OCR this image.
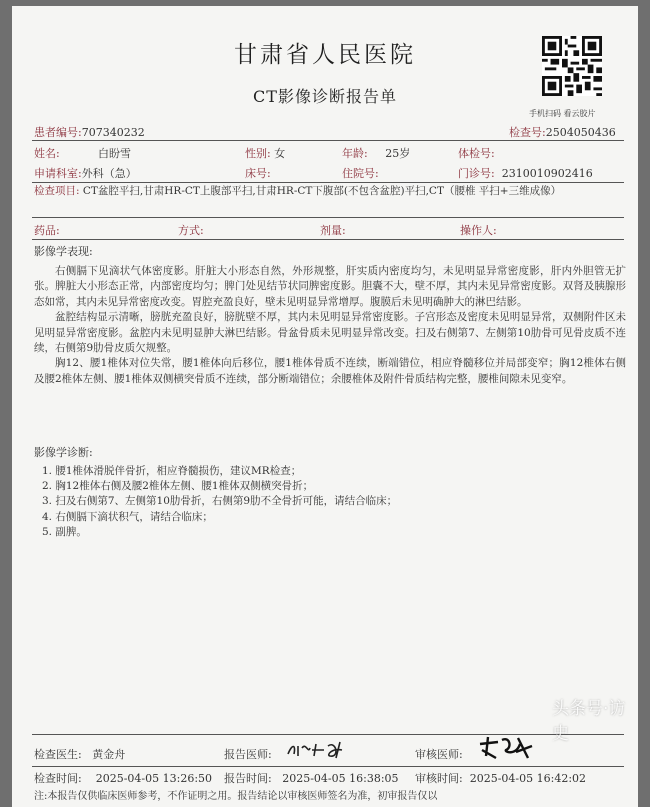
甘肃省人民医院
CT影像诊断报告单
手机扫码 看云胶片
患者编号:707340232	检查号:2504050436
姓名:	白盼雪	性别: 女	年龄: 25岁	体检号:
申请科室:外科（急）	床号:	住院号:	门诊号: 2310010902416
检查项目: CT盆腔平扫,甘肃HR-CT上腹部平扫,甘肃HR-CT下腹部(不包含盆腔)平扫,CT（腰椎 平扫+三维成像）
药品:	方式:	剂量:	操作人:
影像学表现:

右侧膈下见滴状气体密度影。肝脏大小形态自然，外形规整，肝实质内密度均匀，未见明显异常密度影，肝内外胆管无扩张。脾脏大小形态正常，内部密度均匀；脾门处见结节状同脾密度影。胆囊不大，壁不厚，其内未见异常密度影。双肾及胰腺形态如常，其内未见异常密度改变。胃腔充盈良好，壁未见明显异常增厚。腹膜后未见明确肿大的淋巴结影。

盆腔结构显示清晰，膀胱充盈良好，膀胱壁不厚，其内未见明显异常密度影。子宫形态及密度未见明显异常，双侧附件区未见明显异常密度影。盆腔内未见明显肿大淋巴结影。骨盆骨质未见明显异常改变。扫及右侧第7、左侧第10肋骨可见骨皮质不连续，右侧第9肋骨皮质欠规整。

胸12、腰1椎体对位失常，腰1椎体向后移位，腰1椎体骨质不连续，断端错位，相应脊髓移位并局部变窄；胸12椎体右侧及腰2椎体左侧、腰1椎体双侧横突骨质不连续，部分断端错位；余腰椎体及附件骨质结构完整，腰椎间隙未见变窄。

影像学诊断:
1. 腰1椎体滑脱伴骨折，相应脊髓损伤，建议MR检查；
2. 胸12椎体右侧及腰2椎体左侧、腰1椎体双侧横突骨折；
3. 扫及右侧第7、左侧第10肋骨折，右侧第9肋不全骨折可能，请结合临床；
4. 右侧膈下滴状积气，请结合临床；
5. 副脾。
检查医生: 黄金舟	报告医师:	审核医师:
检查时间: 2025-04-05 13:26:50 报告时间: 2025-04-05 16:38:05 审核时间: 2025-04-05 16:42:02
注:本报告仅供临床医师参考，不作证明之用。报告结论以审核医师签名为准，初审报告仅以
头条号·访史
